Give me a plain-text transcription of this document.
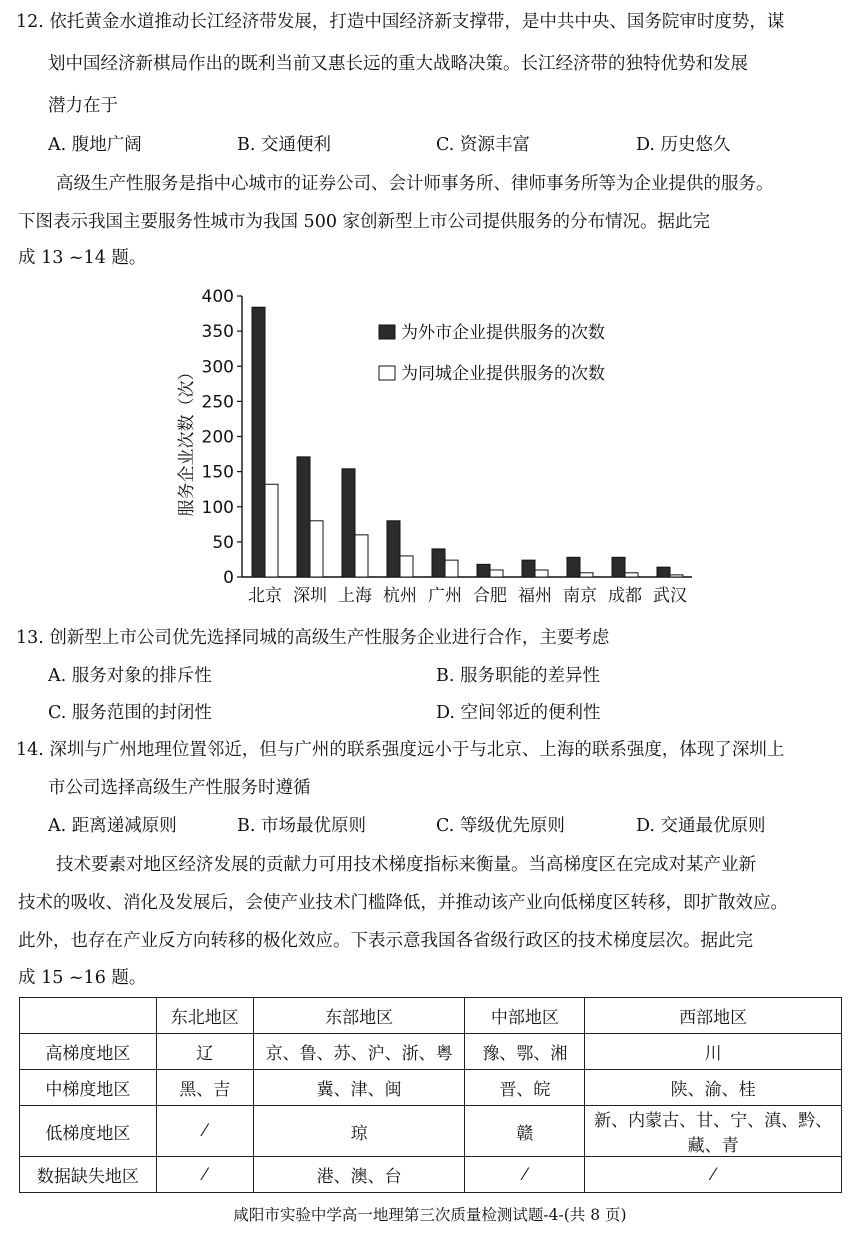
12. 依托黄金水道推动长江经济带发展，打造中国经济新支撑带，是中共中央、国务院审时度势，谋
划中国经济新棋局作出的既利当前又惠长远的重大战略决策。长江经济带的独特优势和发展
潜力在于
A. 腹地广阔	B. 交通便利	C. 资源丰富	D. 历史悠久
高级生产性服务是指中心城市的证券公司、会计师事务所、律师事务所等为企业提供的服务。
下图表示我国主要服务性城市为我国 500 家创新型上市公司提供服务的分布情况。据此完
成 13 ~14 题。
0
50
100
150
200
250
300
350
400
北京 深圳 上海 杭州 广州 合肥 福州 南京 成都 武汉
为外市企业提供服务的次数
为同城企业提供服务的次数
服务企业次数（次）
13. 创新型上市公司优先选择同城的高级生产性服务企业进行合作，主要考虑
A. 服务对象的排斥性	B. 服务职能的差异性
C. 服务范围的封闭性	D. 空间邻近的便利性
14. 深圳与广州地理位置邻近，但与广州的联系强度远小于与北京、上海的联系强度，体现了深圳上
市公司选择高级生产性服务时遵循
A. 距离递减原则	B. 市场最优原则	C. 等级优先原则	D. 交通最优原则
技术要素对地区经济发展的贡献力可用技术梯度指标来衡量。当高梯度区在完成对某产业新
技术的吸收、消化及发展后，会使产业技术门槛降低，并推动该产业向低梯度区转移，即扩散效应。
此外，也存在产业反方向转移的极化效应。下表示意我国各省级行政区的技术梯度层次。据此完
成 15 ~16 题。
	东北地区	东部地区	中部地区	西部地区
高梯度地区	辽	京、鲁、苏、沪、浙、粤	豫、鄂、湘	川
中梯度地区	黑、吉	冀、津、闽	晋、皖	陕、渝、桂
低梯度地区	⁄	琼	赣	新、内蒙古、甘、宁、滇、黔、藏、青
数据缺失地区	⁄	港、澳、台	⁄	⁄
咸阳市实验中学高一地理第三次质量检测试题-4-(共 8 页)
